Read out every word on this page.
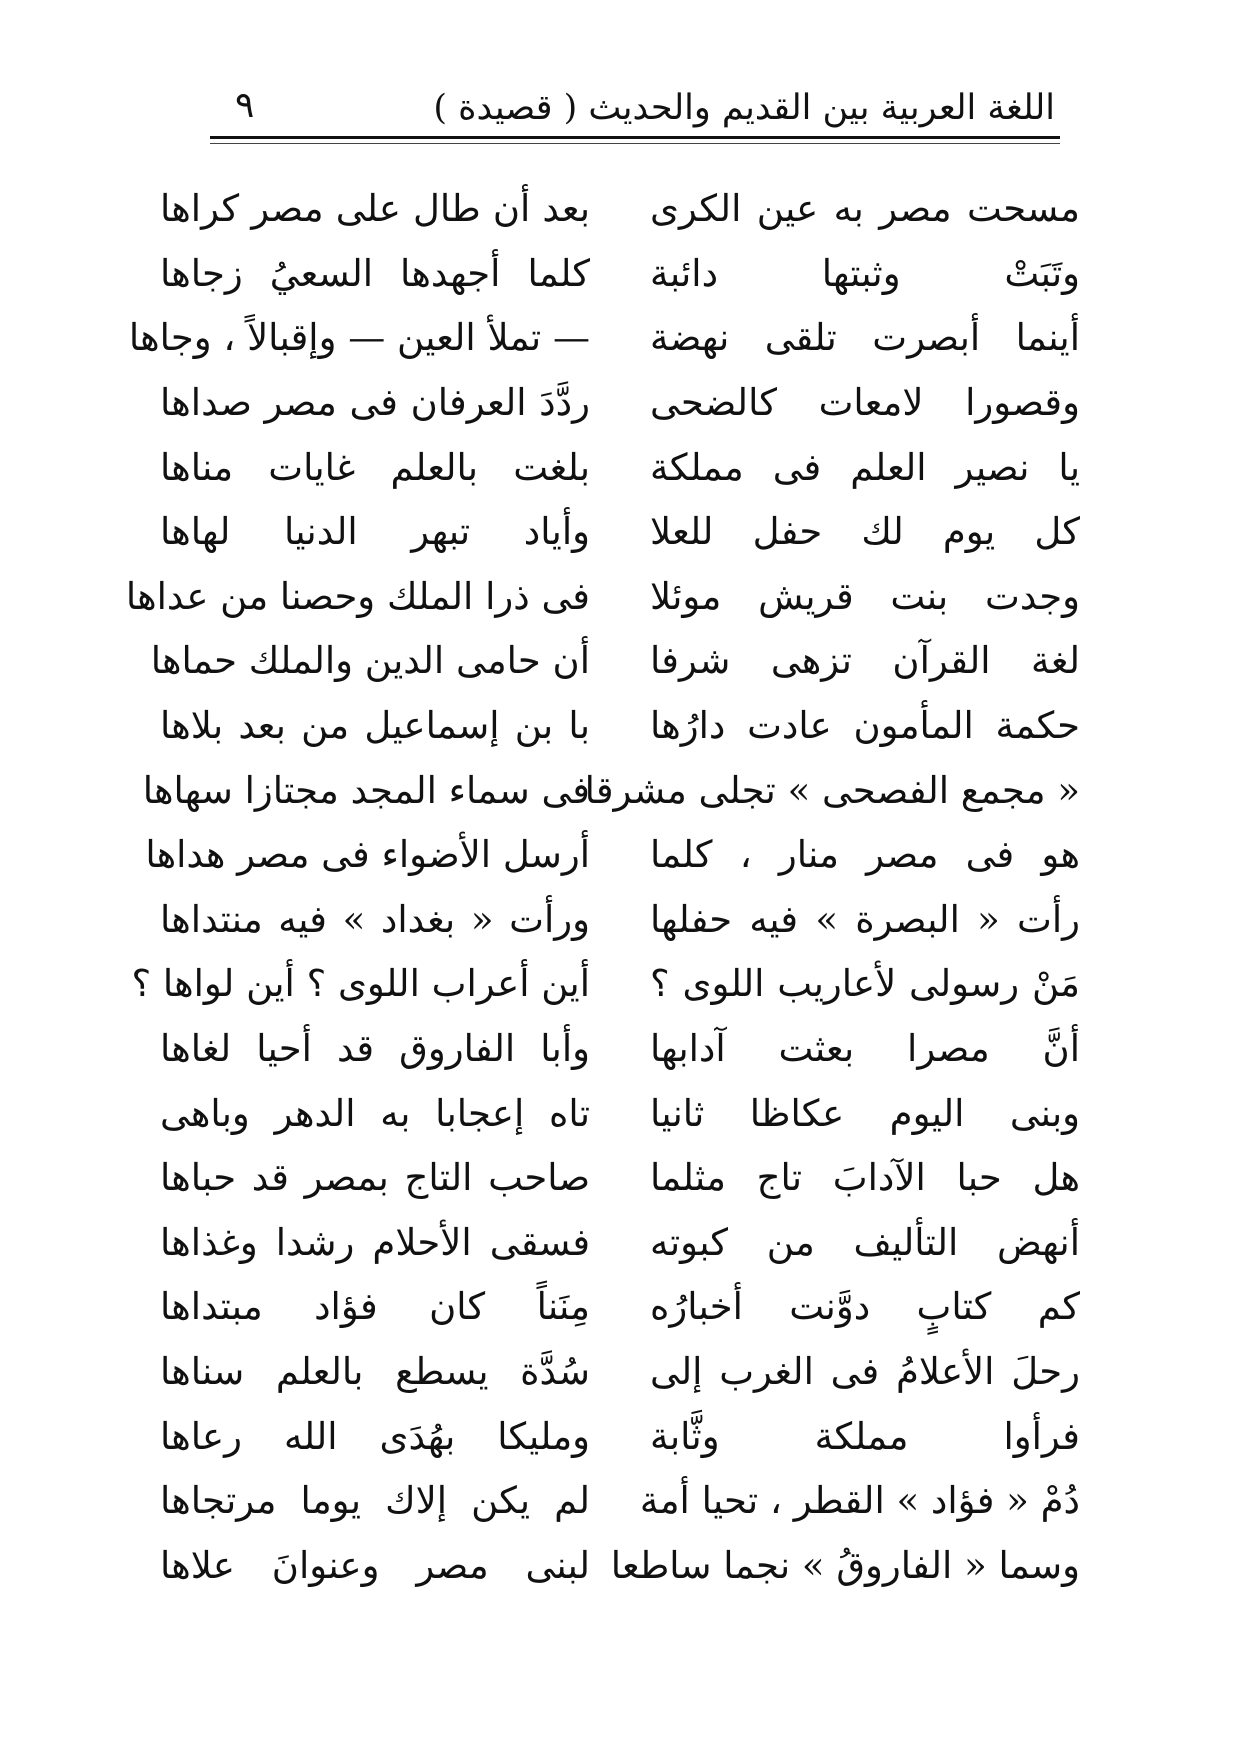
اللغة العربية بين القديم والحديث ( قصيدة )
٩
مسحت مصر به عين الكرى
بعد أن طال على مصر كراها
وتَبَتْ وثبتها دائبة
كلما أجهدها السعيُ زجاها
أينما أبصرت تلقى نهضة
— تملأ العين — وإقبالاً ، وجاها
وقصورا لامعات كالضحى
ردَّدَ العرفان فى مصر صداها
يا نصير العلم فى مملكة
بلغت بالعلم غايات مناها
كل يوم لك حفل للعلا
وأياد تبهر الدنيا لهاها
وجدت بنت قريش موئلا
فى ذرا الملك وحصنا من عداها
لغة القرآن تزهى شرفا
أن حامى الدين والملك حماها
حكمة المأمون عادت دارُها
با بن إسماعيل من بعد بلاها
« مجمع الفصحى » تجلى مشرقا
فى سماء المجد مجتازا سهاها
هو فى مصر منار ، كلما
أرسل الأضواء فى مصر هداها
رأت « البصرة » فيه حفلها
ورأت « بغداد » فيه منتداها
مَنْ رسولى لأعاريب اللوى ؟
أين أعراب اللوى ؟ أين لواها ؟
أنَّ مصرا بعثت آدابها
وأبا الفاروق قد أحيا لغاها
وبنى اليوم عكاظا ثانيا
تاه إعجابا به الدهر وباهى
هل حبا الآدابَ تاج مثلما
صاحب التاج بمصر قد حباها
أنهض التأليف من كبوته
فسقى الأحلام رشدا وغذاها
كم كتابٍ دوَّنت أخبارُه
مِنَناً كان فؤاد مبتداها
رحلَ الأعلامُ فى الغرب إلى
سُدَّة يسطع بالعلم سناها
فرأوا مملكة وثَّابة
ومليكا بهُدَى الله رعاها
دُمْ « فؤاد » القطر ، تحيا أمة
لم يكن إلاك يوما مرتجاها
وسما « الفاروقُ » نجما ساطعا
لبنى مصر وعنوانَ علاها
